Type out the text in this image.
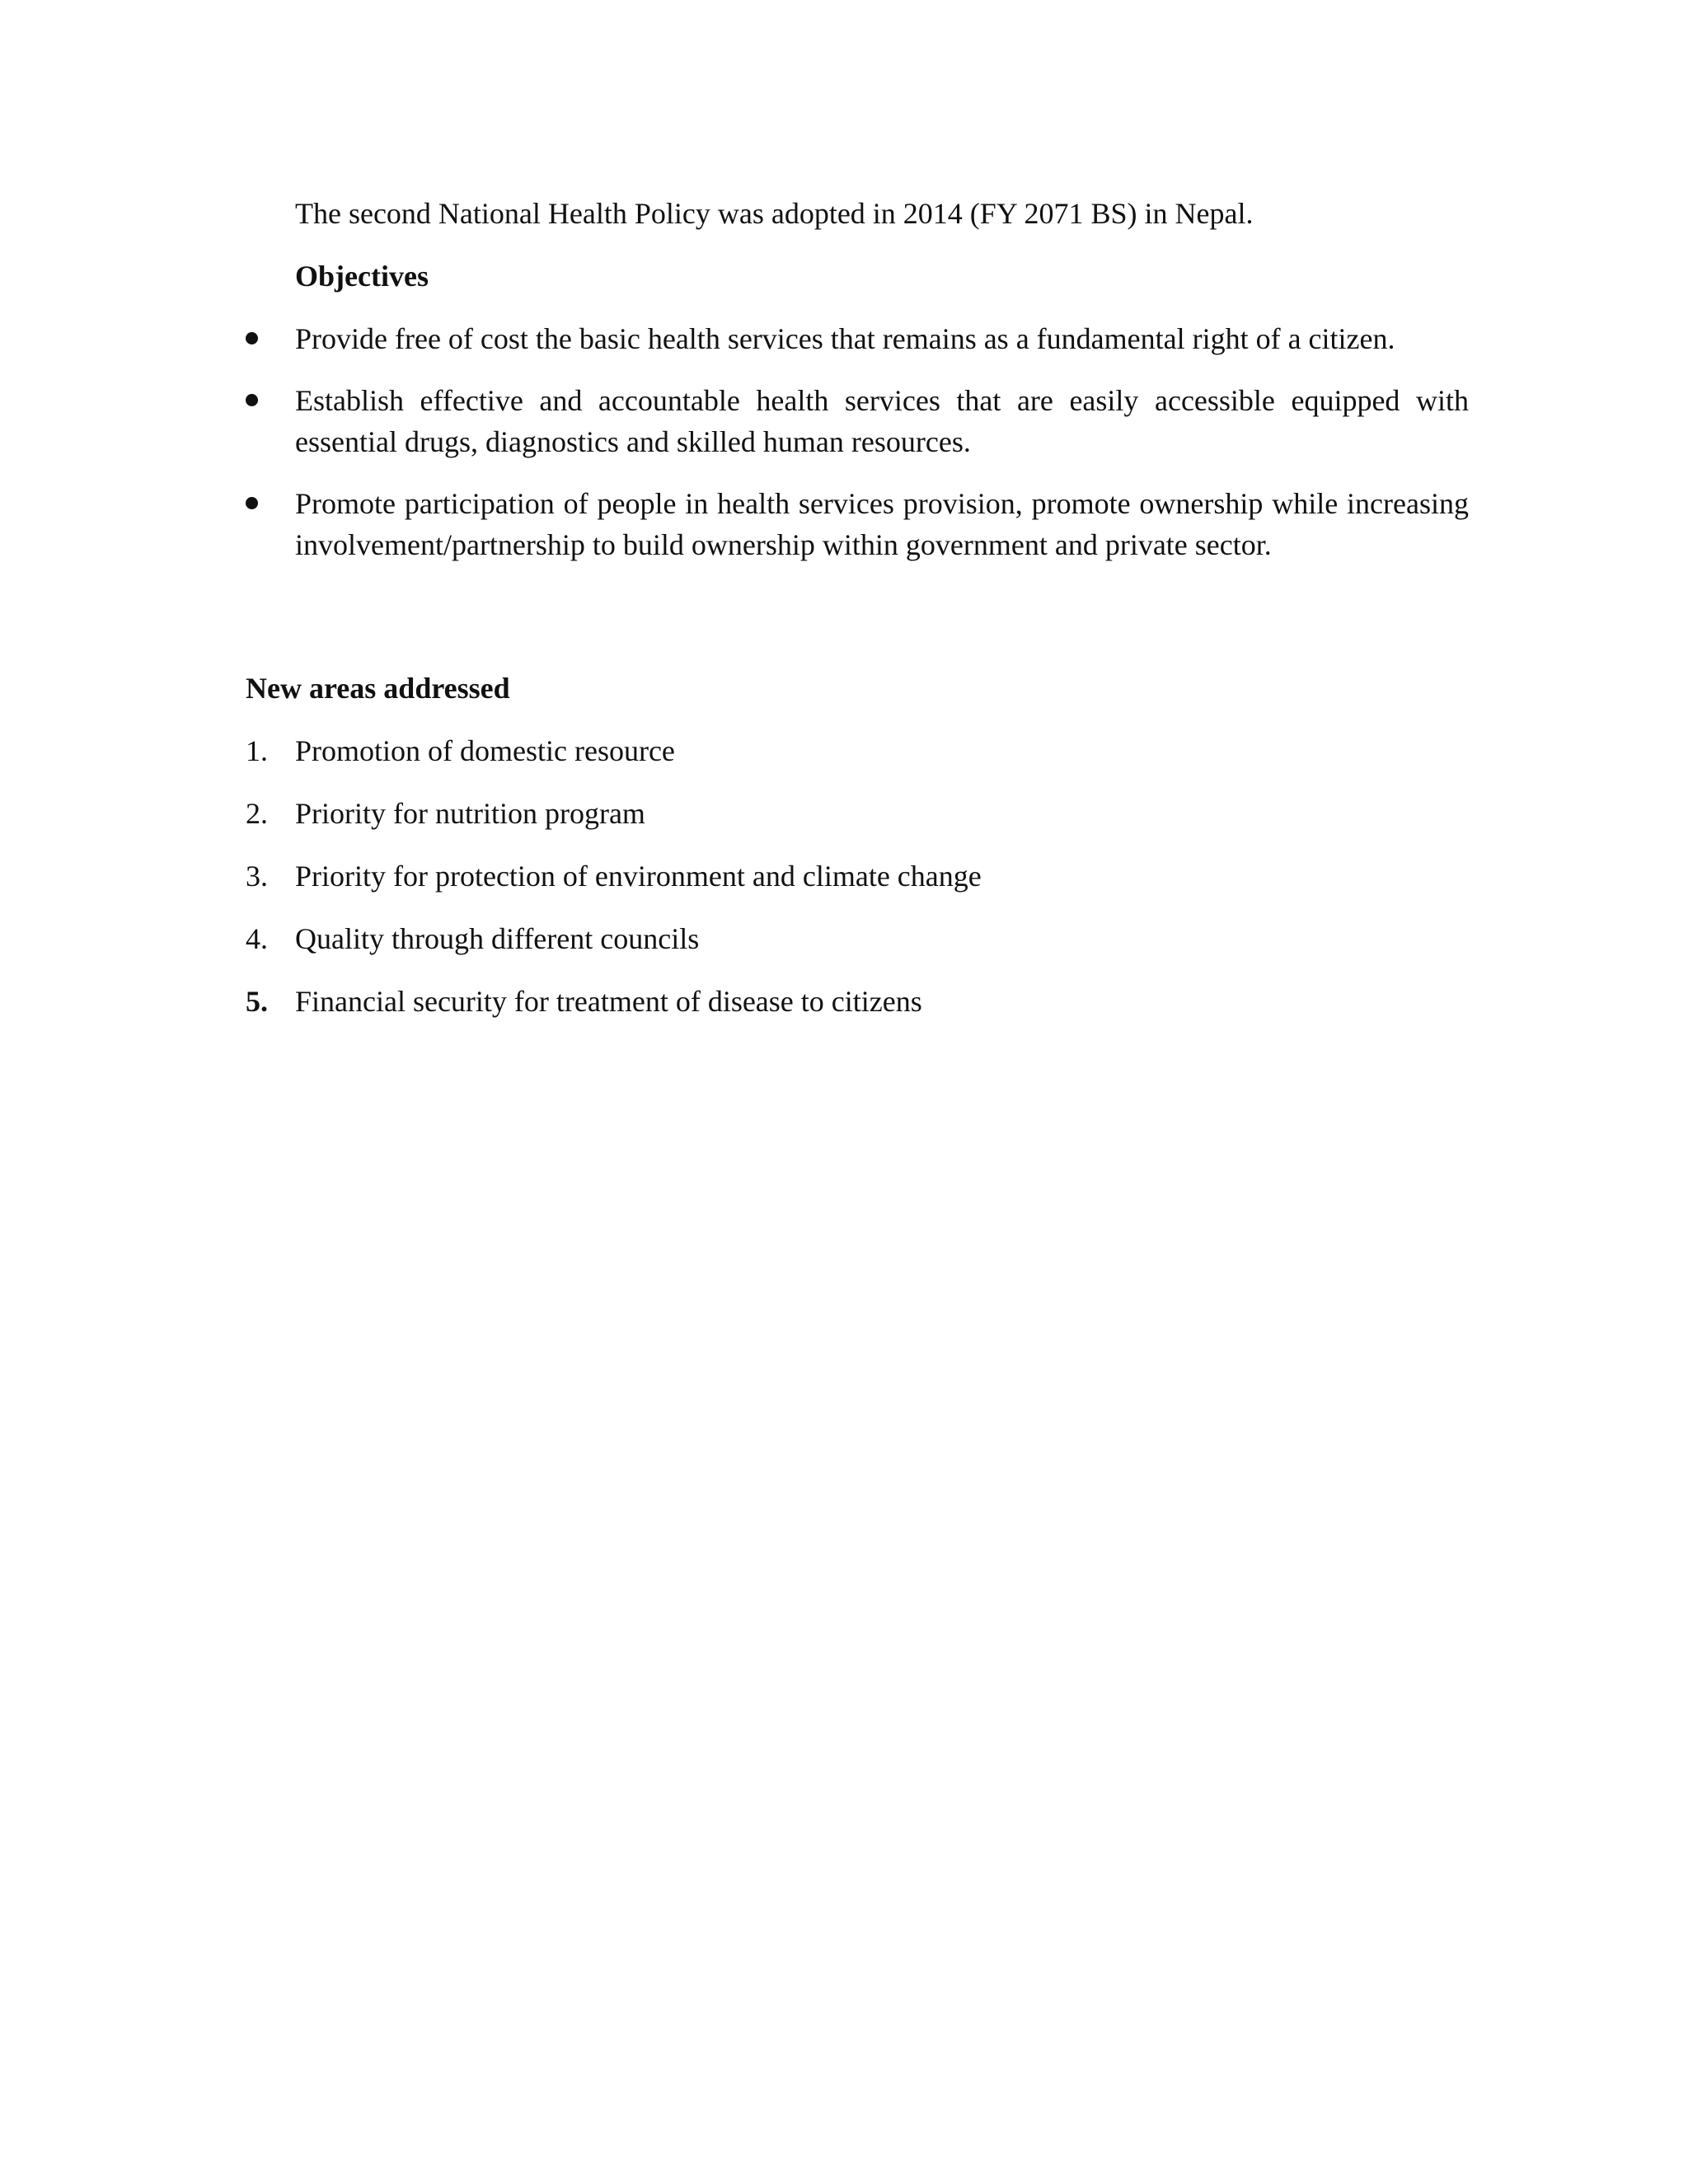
The second National Health Policy was adopted in 2014 (FY 2071 BS) in Nepal.

Objectives
Provide free of cost the basic health services that remains as a fundamental right of a citizen.
Establish effective and accountable health services that are easily accessible equipped with essential drugs, diagnostics and skilled human resources.
Promote participation of people in health services provision, promote ownership while increasing involvement/partnership to build ownership within government and private sector.
New areas addressed
1. Promotion of domestic resource
2. Priority for nutrition program
3. Priority for protection of environment and climate change
4. Quality through different councils
5. Financial security for treatment of disease to citizens
